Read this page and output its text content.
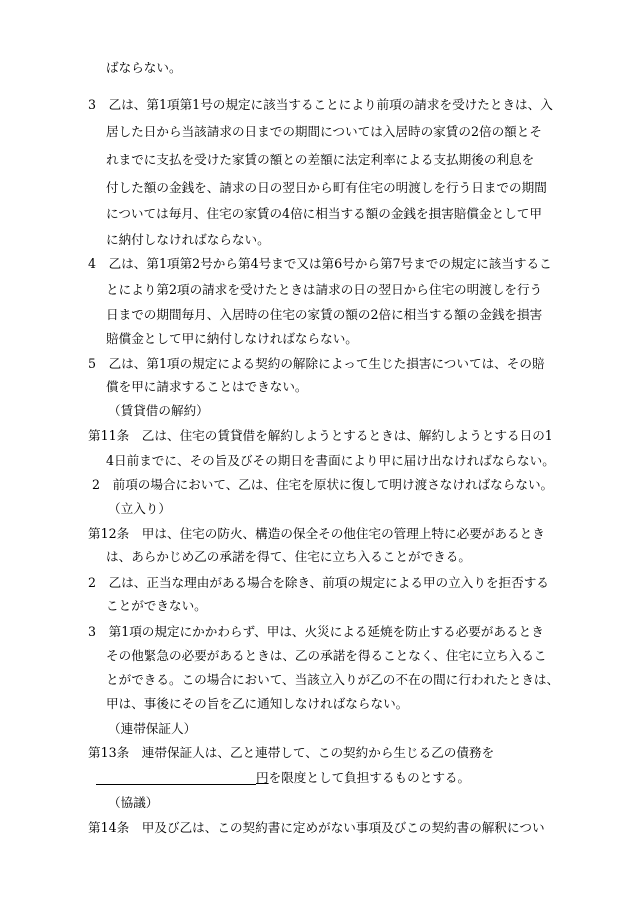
ばならない。
3　乙は、第1項第1号の規定に該当することにより前項の請求を受けたときは、入
居した日から当該請求の日までの期間については入居時の家賃の2倍の額とそ
れまでに支払を受けた家賃の額との差額に法定利率による支払期後の利息を
付した額の金銭を、請求の日の翌日から町有住宅の明渡しを行う日までの期間
については毎月、住宅の家賃の4倍に相当する額の金銭を損害賠償金として甲
に納付しなければならない。
4　乙は、第1項第2号から第4号まで又は第6号から第7号までの規定に該当するこ
とにより第2項の請求を受けたときは請求の日の翌日から住宅の明渡しを行う
日までの期間毎月、入居時の住宅の家賃の額の2倍に相当する額の金銭を損害
賠償金として甲に納付しなければならない。
5　乙は、第1項の規定による契約の解除によって生じた損害については、その賠
償を甲に請求することはできない。
（賃貸借の解約）
第11条　乙は、住宅の賃貸借を解約しようとするときは、解約しようとする日の1
4日前までに、その旨及びその期日を書面により甲に届け出なければならない。
2　前項の場合において、乙は、住宅を原状に復して明け渡さなければならない。
（立入り）
第12条　甲は、住宅の防火、構造の保全その他住宅の管理上特に必要があるとき
は、あらかじめ乙の承諾を得て、住宅に立ち入ることができる。
2　乙は、正当な理由がある場合を除き、前項の規定による甲の立入りを拒否する
ことができない。
3　第1項の規定にかかわらず、甲は、火災による延焼を防止する必要があるとき
その他緊急の必要があるときは、乙の承諾を得ることなく、住宅に立ち入るこ
とができる。この場合において、当該立入りが乙の不在の間に行われたときは、
甲は、事後にその旨を乙に通知しなければならない。
（連帯保証人）
第13条　連帯保証人は、乙と連帯して、この契約から生じる乙の債務を
円を限度として負担するものとする。
（協議）
第14条　甲及び乙は、この契約書に定めがない事項及びこの契約書の解釈につい
